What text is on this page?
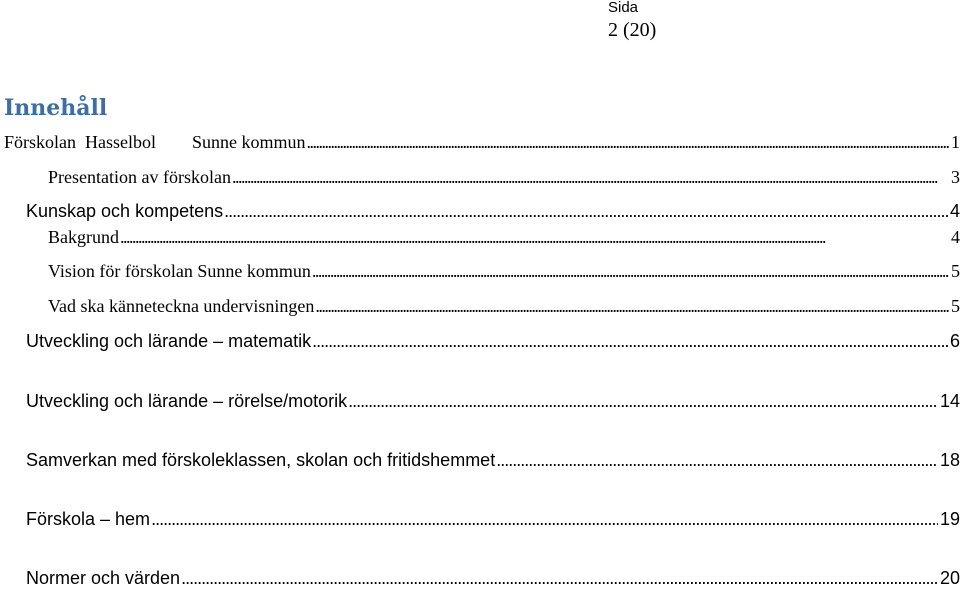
Sida
2 (20)
Innehåll
Förskolan  Hasselbol        Sunne kommun . . .	1
Presentation av förskolan . . .	3
Kunskap och kompetens . . .	4
Bakgrund . . .	4
Vision för förskolan Sunne kommun . . .	5
Vad ska känneteckna undervisningen . . .	5
Utveckling och lärande – matematik . . .	6
Utveckling och lärande – rörelse/motorik . . .	14
Samverkan med förskoleklassen, skolan och fritidshemmet . . .	18
Förskola – hem . . .	19
Normer och värden . . .	20
